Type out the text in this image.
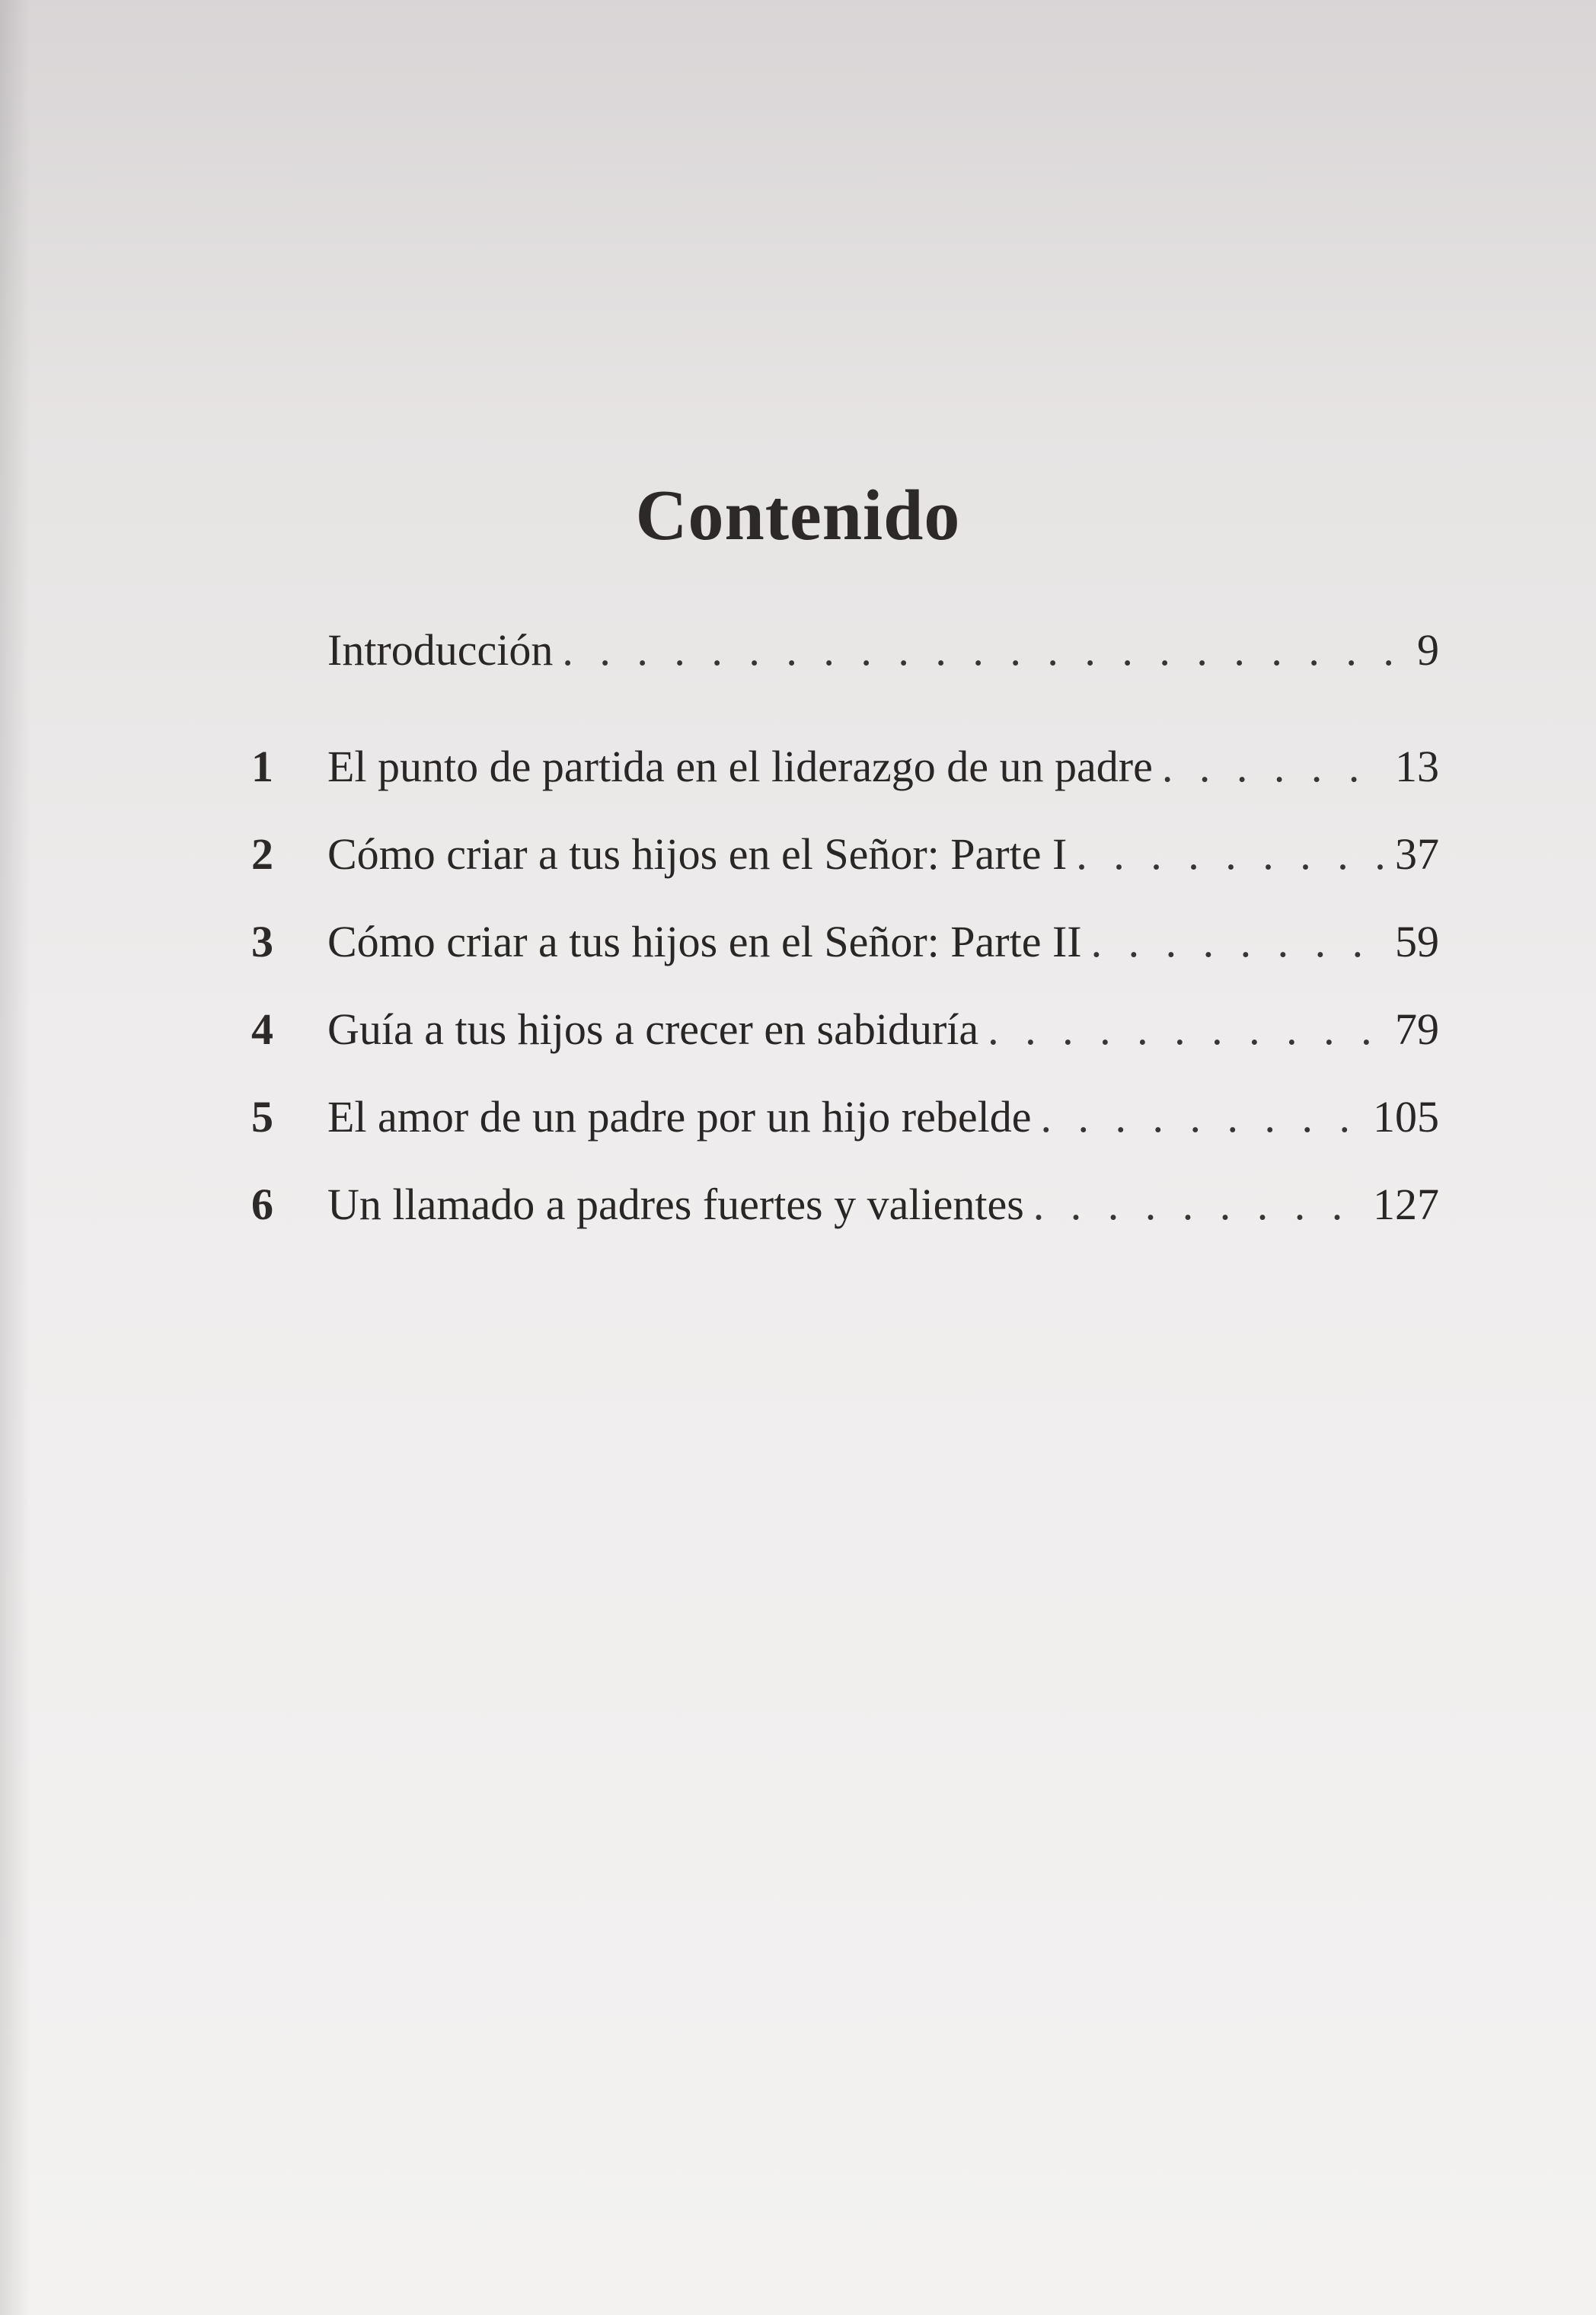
Contenido
Introducción . . .	9
1	El punto de partida en el liderazgo de un padre . . .	13
2	Cómo criar a tus hijos en el Señor: Parte I . . .	37
3	Cómo criar a tus hijos en el Señor: Parte II . . .	59
4	Guía a tus hijos a crecer en sabiduría . . .	79
5	El amor de un padre por un hijo rebelde . . .	105
6	Un llamado a padres fuertes y valientes . . .	127
